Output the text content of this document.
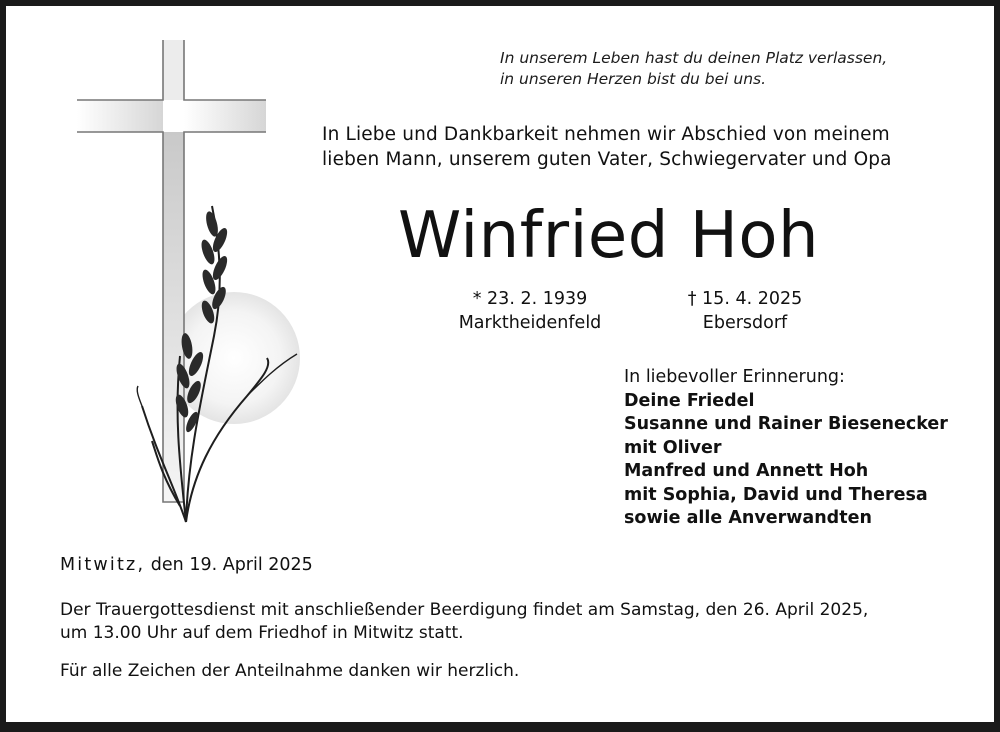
In unserem Leben hast du deinen Platz verlassen,
in unseren Herzen bist du bei uns.
In Liebe und Dankbarkeit nehmen wir Abschied von meinem
lieben Mann, unserem guten Vater, Schwiegervater und Opa
Winfried Hoh
* 23. 2. 1939
Marktheidenfeld
† 15. 4. 2025
Ebersdorf
In liebevoller Erinnerung:
Deine Friedel
Susanne und Rainer Biesenecker
mit Oliver
Manfred und Annett Hoh
mit Sophia, David und Theresa
sowie alle Anverwandten
Mitwitz, den 19. April 2025
Der Trauergottesdienst mit anschließender Beerdigung findet am Samstag, den 26. April 2025,
um 13.00 Uhr auf dem Friedhof in Mitwitz statt.
Für alle Zeichen der Anteilnahme danken wir herzlich.
